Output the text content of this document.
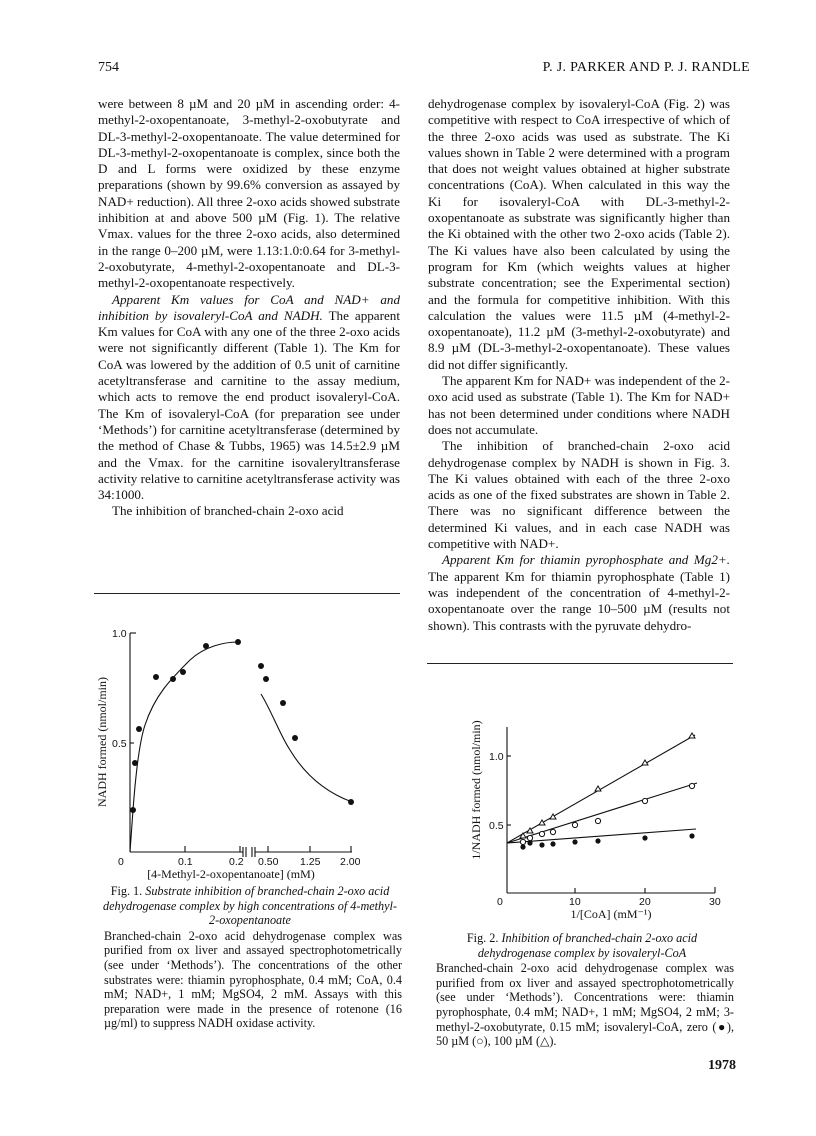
754	P. J. PARKER AND P. J. RANDLE

were between 8 µM and 20 µM in ascending order: 4-methyl-2-oxopentanoate, 3-methyl-2-oxobutyrate and DL-3-methyl-2-oxopentanoate. The value determined for DL-3-methyl-2-oxopentanoate is complex, since both the D and L forms were oxidized by these enzyme preparations (shown by 99.6% conversion as assayed by NAD+ reduction). All three 2-oxo acids showed substrate inhibition at and above 500 µM (Fig. 1). The relative Vmax. values for the three 2-oxo acids, also determined in the range 0–200 µM, were 1.13:1.0:0.64 for 3-methyl-2-oxobutyrate, 4-methyl-2-oxopentanoate and DL-3-methyl-2-oxopentanoate respectively.

Apparent Km values for CoA and NAD+ and inhibition by isovaleryl-CoA and NADH. The apparent Km values for CoA with any one of the three 2-oxo acids were not significantly different (Table 1). The Km for CoA was lowered by the addition of 0.5 unit of carnitine acetyltransferase and carnitine to the assay medium, which acts to remove the end product isovaleryl-CoA. The Km of isovaleryl-CoA (for preparation see under ‘Methods’) for carnitine acetyltransferase (determined by the method of Chase & Tubbs, 1965) was 14.5±2.9 µM and the Vmax. for the carnitine isovaleryltransferase activity relative to carnitine acetyltransferase activity was 34:1000.

The inhibition of branched-chain 2-oxo acid

dehydrogenase complex by isovaleryl-CoA (Fig. 2) was competitive with respect to CoA irrespective of which of the three 2-oxo acids was used as substrate. The Ki values shown in Table 2 were determined with a program that does not weight values obtained at higher substrate concentrations (CoA). When calculated in this way the Ki for isovaleryl-CoA with DL-3-methyl-2-oxopentanoate as substrate was significantly higher than the Ki obtained with the other two 2-oxo acids (Table 2). The Ki values have also been calculated by using the program for Km (which weights values at higher substrate concentration; see the Experimental section) and the formula for competitive inhibition. With this calculation the values were 11.5 µM (4-methyl-2-oxopentanoate), 11.2 µM (3-methyl-2-oxobutyrate) and 8.9 µM (DL-3-methyl-2-oxopentanoate). These values did not differ significantly.

The apparent Km for NAD+ was independent of the 2-oxo acid used as substrate (Table 1). The Km for NAD+ has not been determined under conditions where NADH does not accumulate.

The inhibition of branched-chain 2-oxo acid dehydrogenase complex by NADH is shown in Fig. 3. The Ki values obtained with each of the three 2-oxo acids as one of the fixed substrates are shown in Table 2. There was no significant difference between the determined Ki values, and in each case NADH was competitive with NAD+.

Apparent Km for thiamin pyrophosphate and Mg2+. The apparent Km for thiamin pyrophosphate (Table 1) was independent of the concentration of 4-methyl-2-oxopentanoate over the range 10–500 µM (results not shown). This contrasts with the pyruvate dehydro-

1.0
0.5
0	0.1	0.2 0.50 1.25 2.00
[4-Methyl-2-oxopentanoate] (mM)
NADH formed (nmol/min)
Fig. 1. Substrate inhibition of branched-chain 2-oxo acid dehydrogenase complex by high concentrations of 4-methyl-2-oxopentanoate
Branched-chain 2-oxo acid dehydrogenase complex was purified from ox liver and assayed spectrophotometrically (see under ‘Methods’). The concentrations of the other substrates were: thiamin pyrophosphate, 0.4 mM; CoA, 0.4 mM; NAD+, 1 mM; MgSO4, 2 mM. Assays with this preparation were made in the presence of rotenone (16 µg/ml) to suppress NADH oxidase activity.
1.0
0.5
0	10	20	30
1/[CoA] (mM⁻¹)
1/NADH formed (nmol/min)
Fig. 2. Inhibition of branched-chain 2-oxo acid dehydrogenase complex by isovaleryl-CoA
Branched-chain 2-oxo acid dehydrogenase complex was purified from ox liver and assayed spectrophotometrically (see under ‘Methods’). Concentrations were: thiamin pyrophosphate, 0.4 mM; NAD+, 1 mM; MgSO4, 2 mM; 3-methyl-2-oxobutyrate, 0.15 mM; isovaleryl-CoA, zero (●), 50 µM (○), 100 µM (△).
1978
